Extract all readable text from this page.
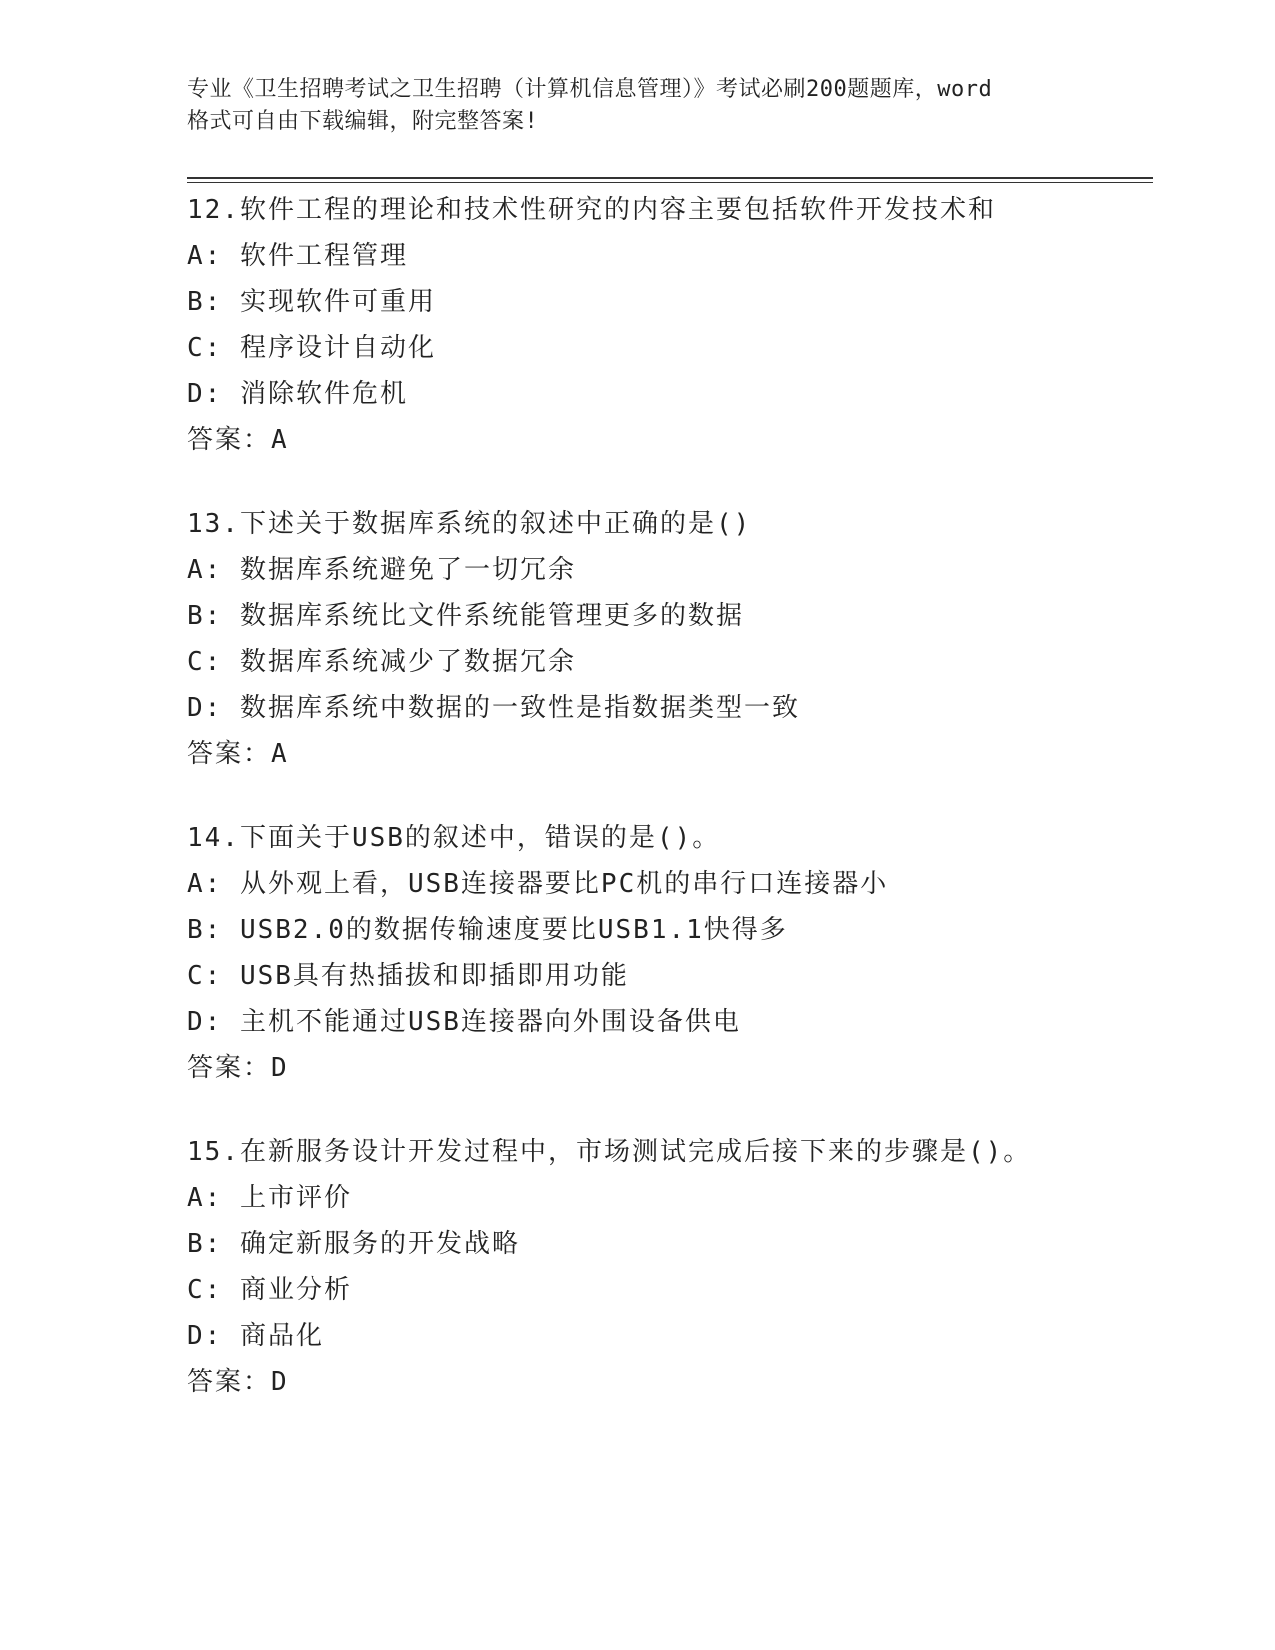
专业《卫生招聘考试之卫生招聘（计算机信息管理）》考试必刷200题题库，word
格式可自由下载编辑，附完整答案!
12.软件工程的理论和技术性研究的内容主要包括软件开发技术和
A: 软件工程管理
B: 实现软件可重用
C: 程序设计自动化
D: 消除软件危机
答案：A
13.下述关于数据库系统的叙述中正确的是()
A: 数据库系统避免了一切冗余
B: 数据库系统比文件系统能管理更多的数据
C: 数据库系统减少了数据冗余
D: 数据库系统中数据的一致性是指数据类型一致
答案：A
14.下面关于USB的叙述中，错误的是()。
A: 从外观上看，USB连接器要比PC机的串行口连接器小
B: USB2.0的数据传输速度要比USB1.1快得多
C: USB具有热插拔和即插即用功能
D: 主机不能通过USB连接器向外围设备供电
答案：D
15.在新服务设计开发过程中，市场测试完成后接下来的步骤是()。
A: 上市评价
B: 确定新服务的开发战略
C: 商业分析
D: 商品化
答案：D
